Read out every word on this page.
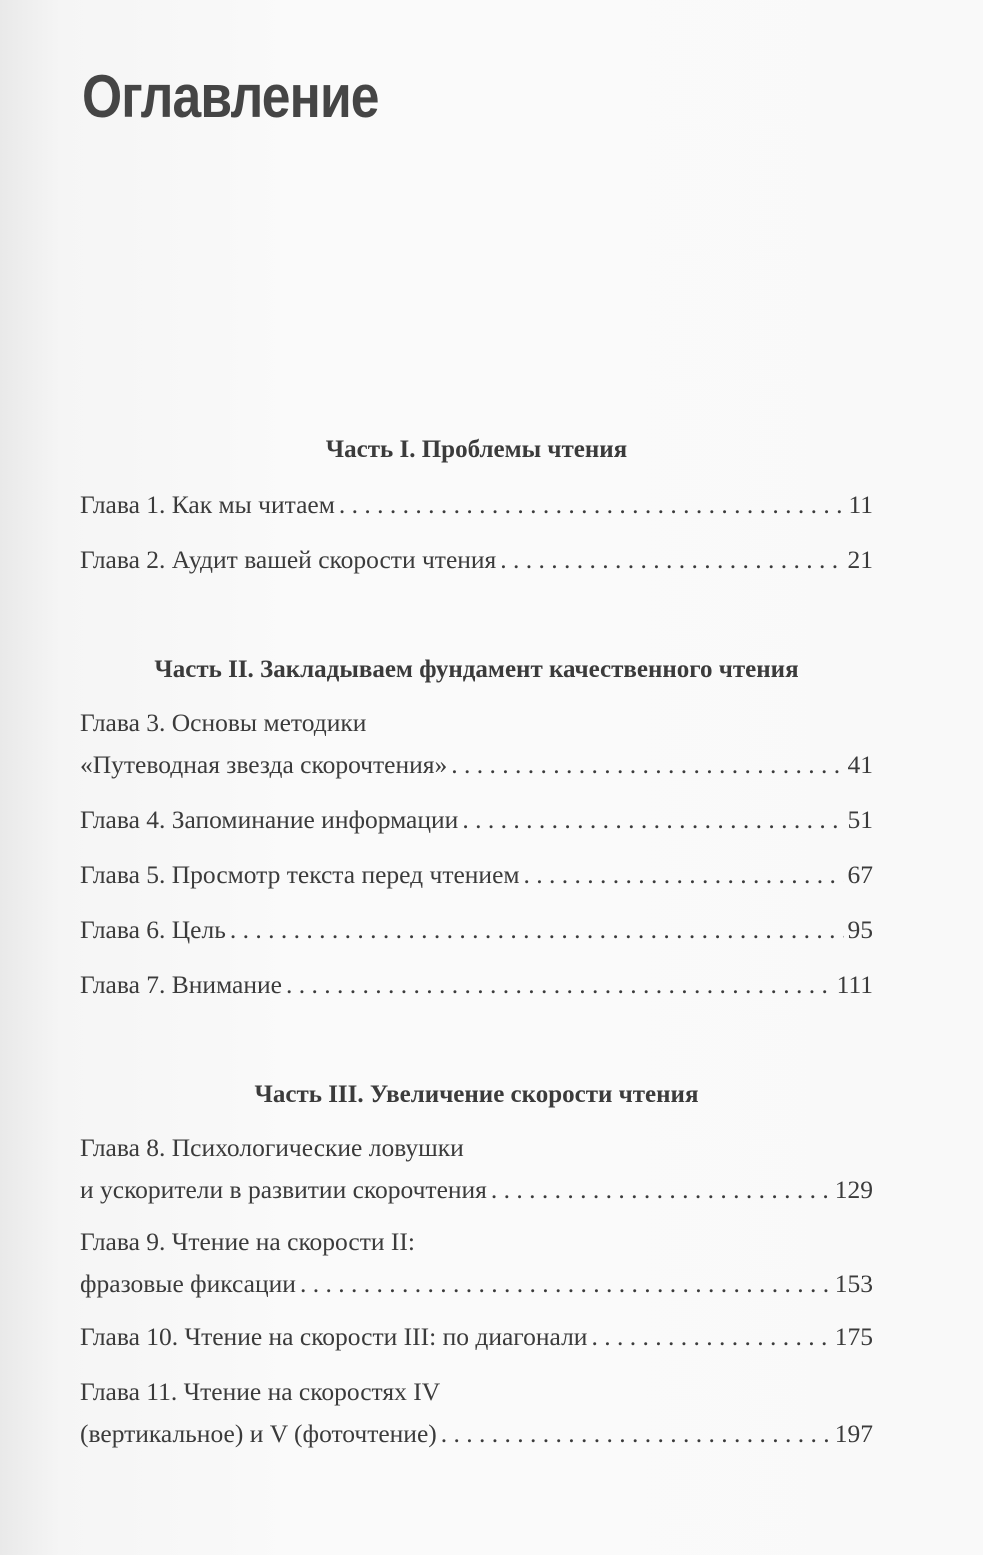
Оглавление
Часть I. Проблемы чтения
Глава 1. Как мы читаем . . .	11
Глава 2. Аудит вашей скорости чтения . . .	21
Часть II. Закладываем фундамент качественного чтения
Глава 3. Основы методики
«Путеводная звезда скорочтения» . . .	41
Глава 4. Запоминание информации . . .	51
Глава 5. Просмотр текста перед чтением . . .	67
Глава 6. Цель . . .	95
Глава 7. Внимание . . .	111
Часть III. Увеличение скорости чтения
Глава 8. Психологические ловушки
и ускорители в развитии скорочтения . . .	129
Глава 9. Чтение на скорости II:
фразовые фиксации . . .	153
Глава 10. Чтение на скорости III: по диагонали . . .	175
Глава 11. Чтение на скоростях IV
(вертикальное) и V (фоточтение) . . .	197
